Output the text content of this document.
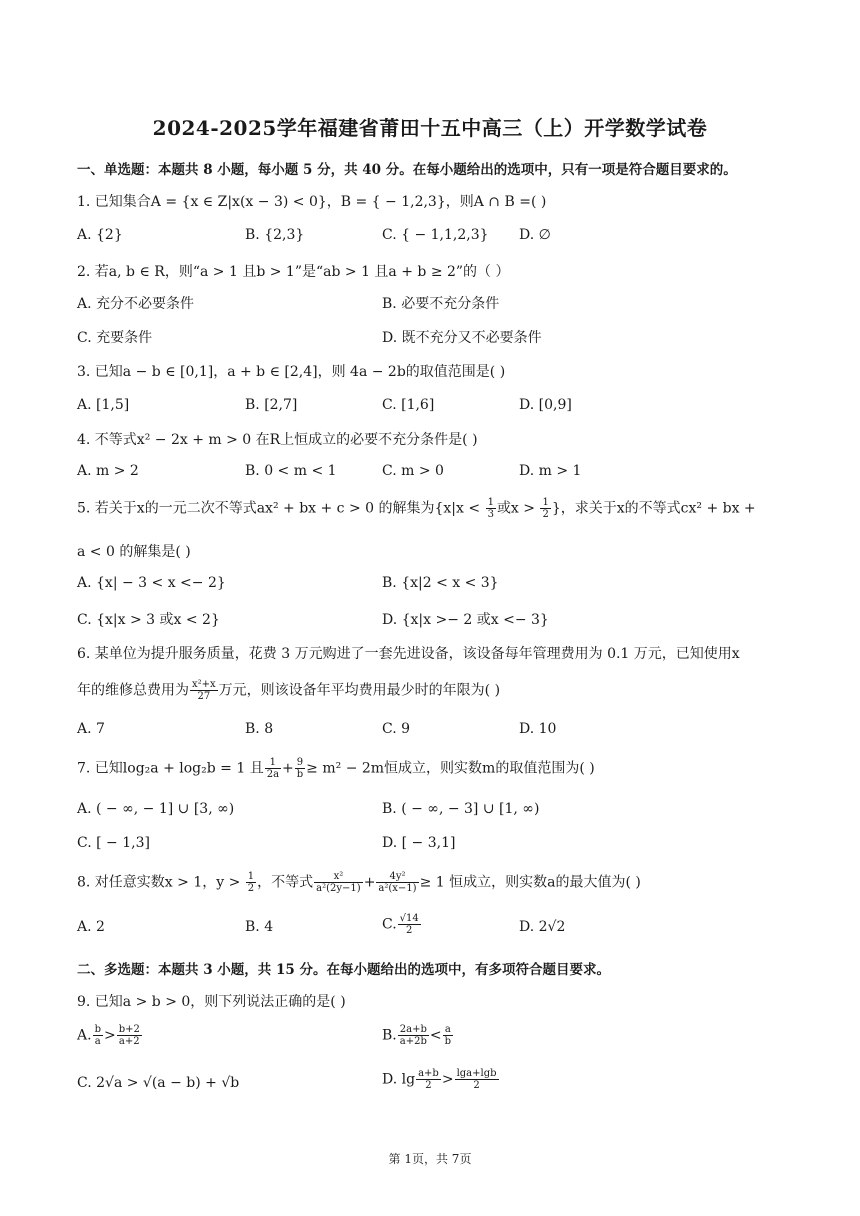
2024-2025学年福建省莆田十五中高三（上）开学数学试卷
一、单选题：本题共 8 小题，每小题 5 分，共 40 分。在每小题给出的选项中，只有一项是符合题目要求的。
1. 已知集合A = {x ∈ Z|x(x − 3) < 0}，B = { − 1,2,3}，则A ∩ B =( )
A. {2}	B. {2,3}	C. { − 1,1,2,3} D. ∅
2. 若a, b ∈ R，则“a > 1 且b > 1”是“ab > 1 且a + b ≥ 2”的（ ）
A. 充分不必要条件	B. 必要不充分条件
C. 充要条件	D. 既不充分又不必要条件
3. 已知a − b ∈ [0,1]，a + b ∈ [2,4]，则 4a − 2b的取值范围是( )
A. [1,5]	B. [2,7]	C. [1,6]	D. [0,9]
4. 不等式x² − 2x + m > 0 在R上恒成立的必要不充分条件是( )
A. m > 2	B. 0 < m < 1	C. m > 0	D. m > 1
5. 若关于x的一元二次不等式ax² + bx + c > 0 的解集为{$x|x < \frac{1}{3}$ 或$x > \frac{1}{2}$ }，求关于x的不等式cx² + bx +
a < 0 的解集是( )
A. {x| − 3 < x <− 2}	B. {x|2 < x < 3}
C. {x|x > 3 或x < 2}	D. {x|x >− 2 或x <− 3}
6. 某单位为提升服务质量，花费 3 万元购进了一套先进设备，该设备每年管理费用为 0.1 万元，已知使用x
年的维修总费用为 $\frac{\text{x²+x}}{27}$ 万元，则该设备年平均费用最少时的年限为( )
A. 7	B. 8	C. 9	D. 10
7. 已知log₂a + log₂b = 1 且 $\frac{1}{2a} + \frac{9}{b} \ge m^2 - 2m$恒成立，则实数m的取值范围为( )
A. ( − ∞, − 1] ∪ [3, ∞)	B. ( − ∞, − 3] ∪ [1, ∞)
C. [ − 1,3]	D. [ − 3,1]
8. 对任意实数x > 1，$y > \frac{1}{2}$ ，不等式 $\frac{\text{x²}}{\text{a²(2y−1)}} + \frac{\text{4y²}}{\text{a²(x−1)}} \ge 1$ 恒成立，则实数a的最大值为( )
A. 2	B. 4	C. $\frac{√14}{2}$	D. 2√2
二、多选题：本题共 3 小题，共 15 分。在每小题给出的选项中，有多项符合题目要求。
9. 已知a > b > 0，则下列说法正确的是( )
A. $\frac{b}{a} > \frac{b+2}{a+2}$	B. $\frac{2a+b}{a+2b} < \frac{a}{b}$
C. 2√a > √(a − b) + √b	D. $\lg \frac{a+b}{2} > \frac{\lg a+\lg b}{2}$
第 1页，共 7页
